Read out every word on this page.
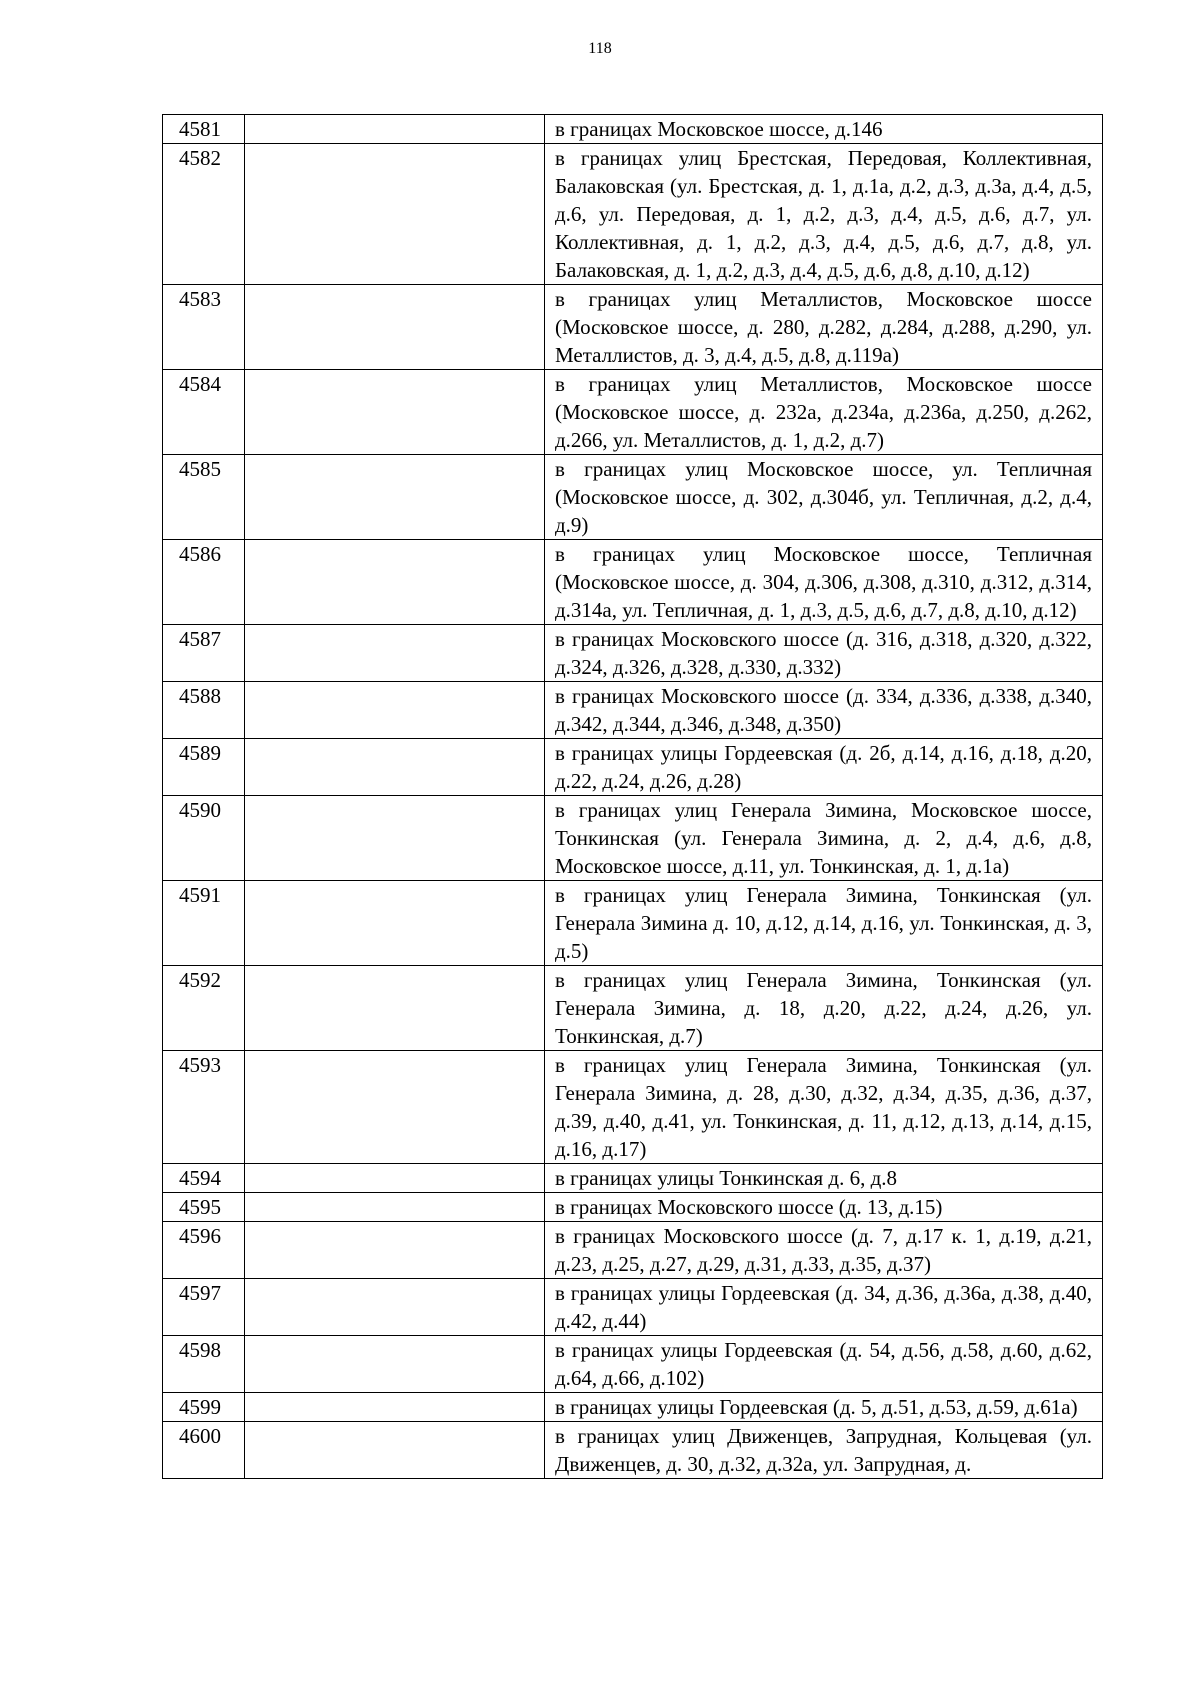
118
4581		в границах Московское шоссе, д.146
4582		в границах улиц Брестская, Передовая, Коллективная, Балаковская (ул. Брестская, д. 1, д.1а, д.2, д.3, д.3а, д.4, д.5, д.6, ул. Передовая, д. 1, д.2, д.3, д.4, д.5, д.6, д.7, ул. Коллективная, д. 1, д.2, д.3, д.4, д.5, д.6, д.7, д.8, ул. Балаковская, д. 1, д.2, д.3, д.4, д.5, д.6, д.8, д.10, д.12)
4583		в границах улиц Металлистов, Московское шоссе (Московское шоссе, д. 280, д.282, д.284, д.288, д.290, ул. Металлистов, д. 3, д.4, д.5, д.8, д.119а)
4584		в границах улиц Металлистов, Московское шоссе (Московское шоссе, д. 232а, д.234а, д.236а, д.250, д.262, д.266, ул. Металлистов, д. 1, д.2, д.7)
4585		в границах улиц Московское шоссе, ул. Тепличная (Московское шоссе, д. 302, д.304б, ул. Тепличная, д.2, д.4, д.9)
4586		в границах улиц Московское шоссе, Тепличная (Московское шоссе, д. 304, д.306, д.308, д.310, д.312, д.314, д.314а, ул. Тепличная, д. 1, д.3, д.5, д.6, д.7, д.8, д.10, д.12)
4587		в границах Московского шоссе (д. 316, д.318, д.320, д.322, д.324, д.326, д.328, д.330, д.332)
4588		в границах Московского шоссе (д. 334, д.336, д.338, д.340, д.342, д.344, д.346, д.348, д.350)
4589		в границах улицы Гордеевская (д. 2б, д.14, д.16, д.18, д.20, д.22, д.24, д.26, д.28)
4590		в границах улиц Генерала Зимина, Московское шоссе, Тонкинская (ул. Генерала Зимина, д. 2, д.4, д.6, д.8, Московское шоссе, д.11, ул. Тонкинская, д. 1, д.1а)
4591		в границах улиц Генерала Зимина, Тонкинская (ул. Генерала Зимина д. 10, д.12, д.14, д.16, ул. Тонкинская, д. 3, д.5)
4592		в границах улиц Генерала Зимина, Тонкинская (ул. Генерала Зимина, д. 18, д.20, д.22, д.24, д.26, ул. Тонкинская, д.7)
4593		в границах улиц Генерала Зимина, Тонкинская (ул. Генерала Зимина, д. 28, д.30, д.32, д.34, д.35, д.36, д.37, д.39, д.40, д.41, ул. Тонкинская, д. 11, д.12, д.13, д.14, д.15, д.16, д.17)
4594		в границах улицы Тонкинская д. 6, д.8
4595		в границах Московского шоссе (д. 13, д.15)
4596		в границах Московского шоссе (д. 7, д.17 к. 1, д.19, д.21, д.23, д.25, д.27, д.29, д.31, д.33, д.35, д.37)
4597		в границах улицы Гордеевская (д. 34, д.36, д.36а, д.38, д.40, д.42, д.44)
4598		в границах улицы Гордеевская (д. 54, д.56, д.58, д.60, д.62, д.64, д.66, д.102)
4599		в границах улицы Гордеевская (д. 5, д.51, д.53, д.59, д.61а)
4600		в границах улиц Движенцев, Запрудная, Кольцевая (ул. Движенцев, д. 30, д.32, д.32а, ул. Запрудная, д.
